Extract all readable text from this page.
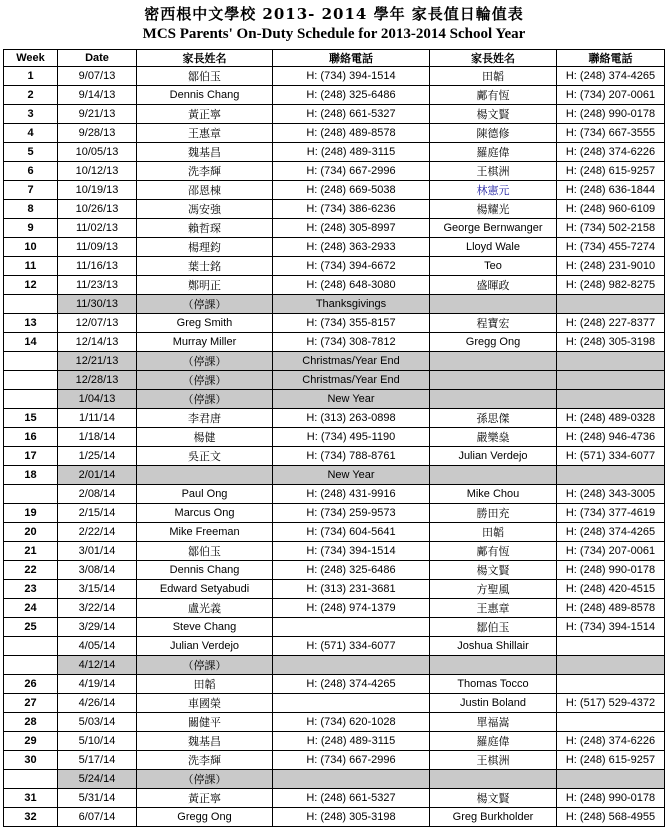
密西根中文學校 2013- 2014 學年 家長值日輪值表
MCS Parents' On-Duty Schedule for 2013-2014 School Year
Week	Date	家長姓名	聯絡電話	家長姓名	聯絡電話
1	9/07/13	鄒伯玉	H: (734) 394-1514	田韜	H: (248) 374-4265
2	9/14/13	Dennis Chang	H: (248) 325-6486	鄺有恆	H: (734) 207-0061
3	9/21/13	黃正寧	H: (248) 661-5327	楊文賢	H: (248) 990-0178
4	9/28/13	王惠章	H: (248) 489-8578	陳德修	H: (734) 667-3555
5	10/05/13	魏基昌	H: (248) 489-3115	羅庭偉	H: (248) 374-6226
6	10/12/13	洗李輝	H: (734) 667-2996	王棋洲	H: (248) 615-9257
7	10/19/13	邵恩棟	H: (248) 669-5038	林憲元	H: (248) 636-1844
8	10/26/13	馮安強	H: (734) 386-6236	楊耀光	H: (248) 960-6109
9	11/02/13	賴哲琛	H: (248) 305-8997	George Bernwanger	H: (734) 502-2158
10	11/09/13	楊理鈞	H: (248) 363-2933	Lloyd Wale	H: (734) 455-7274
11	11/16/13	葉士銘	H: (734) 394-6672	Teo	H: (248) 231-9010
12	11/23/13	鄭明正	H: (248) 648-3080	盛暉政	H: (248) 982-8275
	11/30/13	（停課）	Thanksgivings		
13	12/07/13	Greg Smith	H: (734) 355-8157	程寶宏	H: (248) 227-8377
14	12/14/13	Murray Miller	H: (734) 308-7812	Gregg Ong	H: (248) 305-3198
	12/21/13	（停課）	Christmas/Year End		
	12/28/13	（停課）	Christmas/Year End		
	1/04/13	（停課）	New Year		
15	1/11/14	李君唐	H: (313) 263-0898	孫思傑	H: (248) 489-0328
16	1/18/14	楊健	H: (734) 495-1190	嚴樂燊	H: (248) 946-4736
17	1/25/14	吳正文	H: (734) 788-8761	Julian Verdejo	H: (571) 334-6077
18	2/01/14		New Year		
	2/08/14	Paul Ong	H: (248) 431-9916	Mike Chou	H: (248) 343-3005
19	2/15/14	Marcus Ong	H: (734) 259-9573	勝田充	H: (734) 377-4619
20	2/22/14	Mike Freeman	H: (734) 604-5641	田韜	H: (248) 374-4265
21	3/01/14	鄒伯玉	H: (734) 394-1514	鄺有恆	H: (734) 207-0061
22	3/08/14	Dennis Chang	H: (248) 325-6486	楊文賢	H: (248) 990-0178
23	3/15/14	Edward Setyabudi	H: (313) 231-3681	方聖風	H: (248) 420-4515
24	3/22/14	盧光義	H: (248) 974-1379	王惠章	H: (248) 489-8578
25	3/29/14	Steve Chang		鄒伯玉	H: (734) 394-1514
	4/05/14	Julian Verdejo	H: (571) 334-6077	Joshua Shillair	
	4/12/14	（停課）			
26	4/19/14	田韜	H: (248) 374-4265	Thomas Tocco	
27	4/26/14	車國榮		Justin Boland	H: (517) 529-4372
28	5/03/14	關健平	H: (734) 620-1028	單福嵩	
29	5/10/14	魏基昌	H: (248) 489-3115	羅庭偉	H: (248) 374-6226
30	5/17/14	洗李輝	H: (734) 667-2996	王棋洲	H: (248) 615-9257
	5/24/14	（停課）			
31	5/31/14	黃正寧	H: (248) 661-5327	楊文賢	H: (248) 990-0178
32	6/07/14	Gregg Ong	H: (248) 305-3198	Greg Burkholder	H: (248) 568-4955
